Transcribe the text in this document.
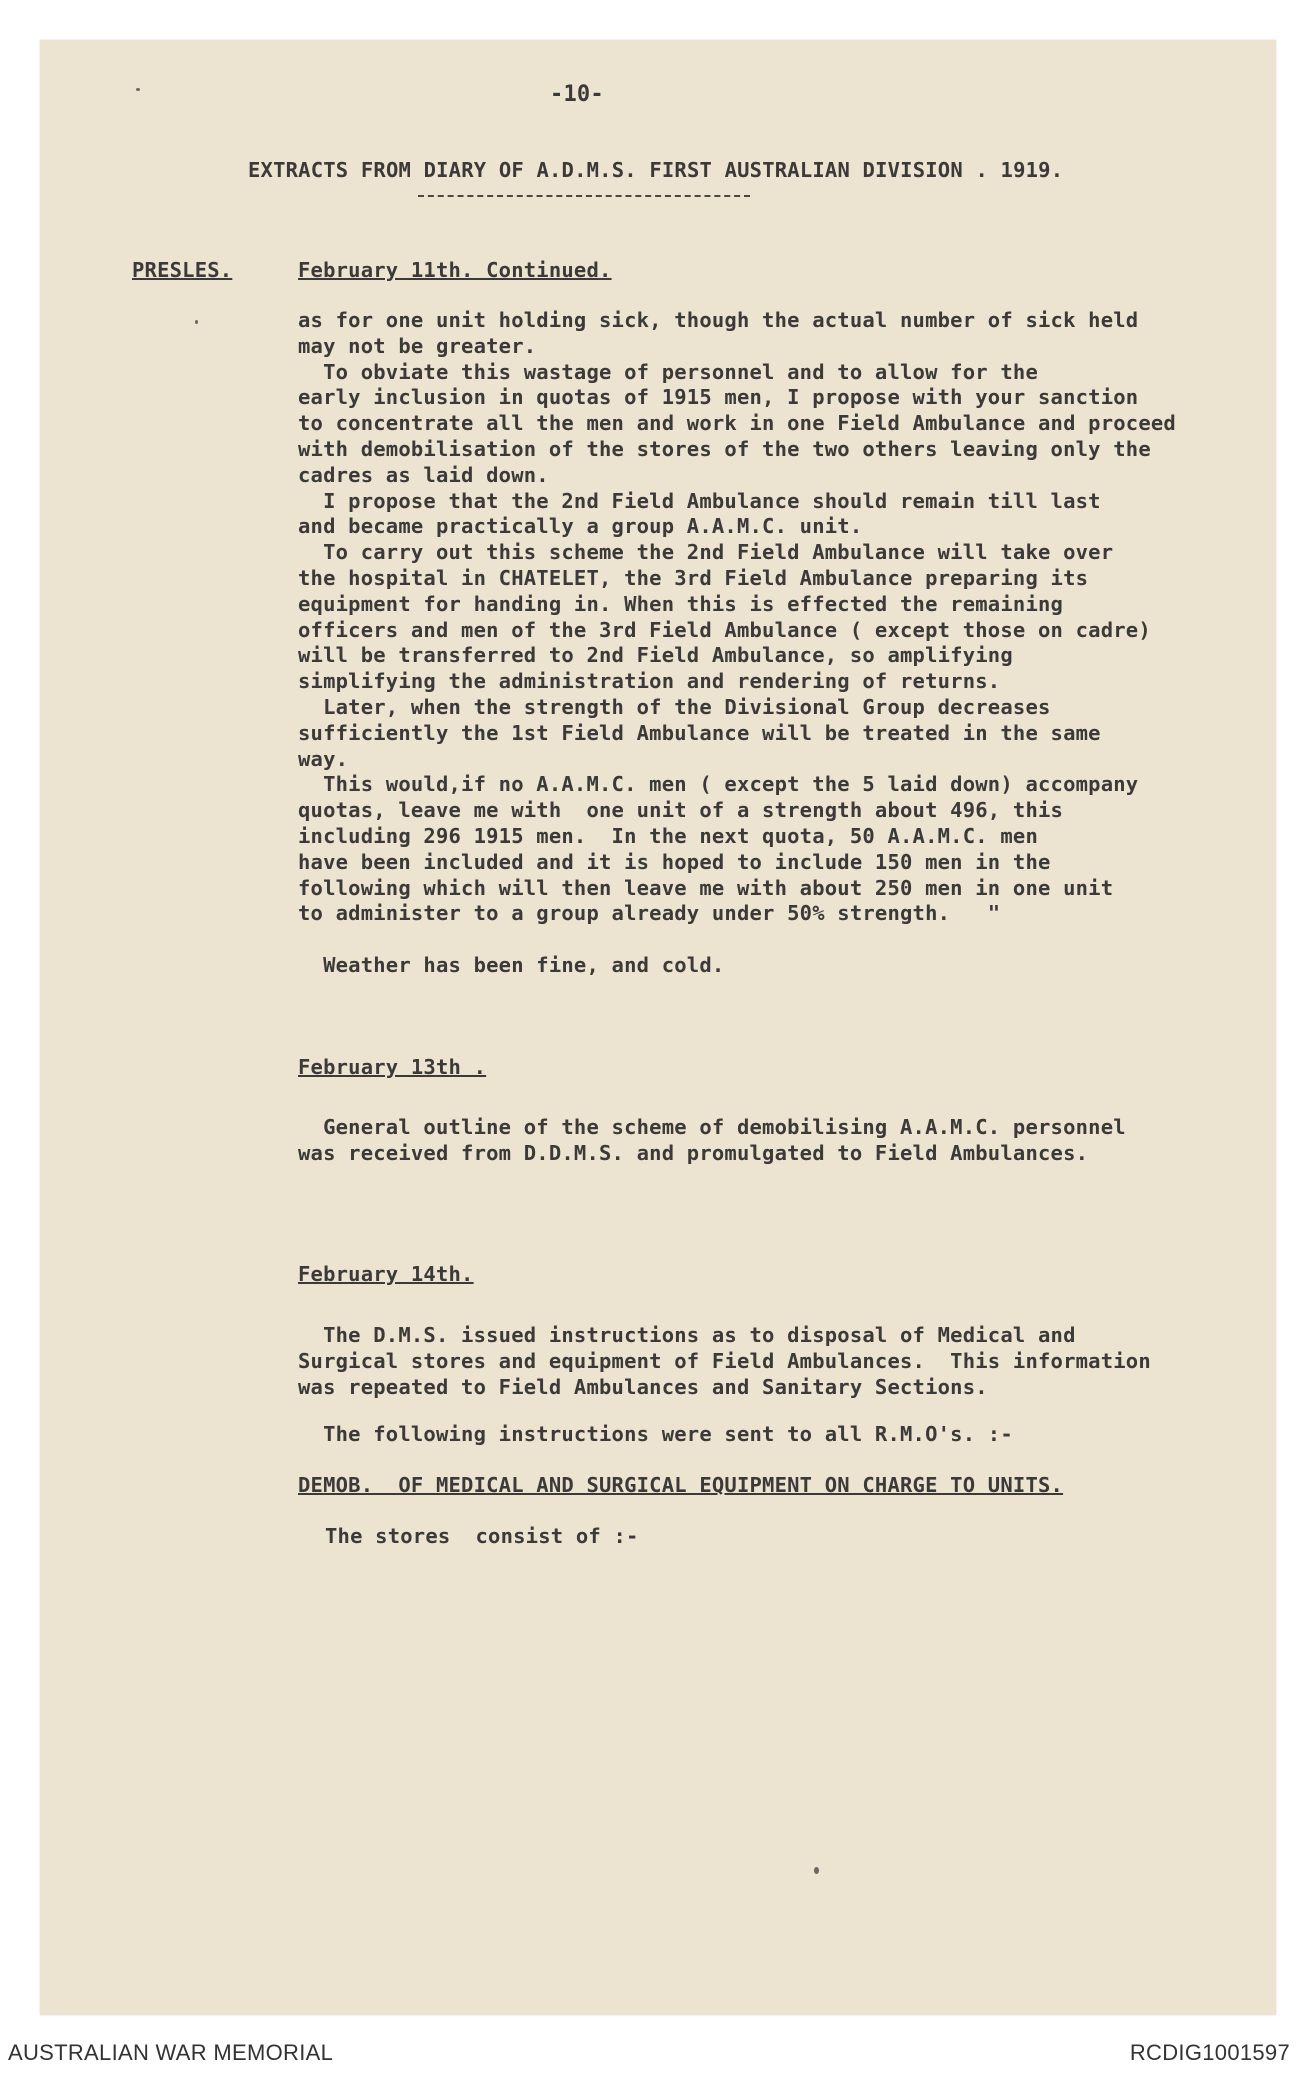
-10-
EXTRACTS FROM DIARY OF A.D.M.S. FIRST AUSTRALIAN DIVISION . 1919.
PRESLES.	February 11th. Continued.
as for one unit holding sick, though the actual number of sick held
may not be greater.
To obviate this wastage of personnel and to allow for the
early inclusion in quotas of 1915 men, I propose with your sanction
to concentrate all the men and work in one Field Ambulance and proceed
with demobilisation of the stores of the two others leaving only the
cadres as laid down.
I propose that the 2nd Field Ambulance should remain till last
and became practically a group A.A.M.C. unit.
To carry out this scheme the 2nd Field Ambulance will take over
the hospital in CHATELET, the 3rd Field Ambulance preparing its
equipment for handing in. When this is effected the remaining
officers and men of the 3rd Field Ambulance ( except those on cadre)
will be transferred to 2nd Field Ambulance, so amplifying
simplifying the administration and rendering of returns.
Later, when the strength of the Divisional Group decreases
sufficiently the 1st Field Ambulance will be treated in the same
way.
This would,if no A.A.M.C. men ( except the 5 laid down) accompany
quotas, leave me with  one unit of a strength about 496, this
including 296 1915 men.  In the next quota, 50 A.A.M.C. men
have been included and it is hoped to include 150 men in the
following which will then leave me with about 250 men in one unit
to administer to a group already under 50% strength.   "
Weather has been fine, and cold.
February 13th .
General outline of the scheme of demobilising A.A.M.C. personnel
was received from D.D.M.S. and promulgated to Field Ambulances.
February 14th.
The D.M.S. issued instructions as to disposal of Medical and
Surgical stores and equipment of Field Ambulances.  This information
was repeated to Field Ambulances and Sanitary Sections.
The following instructions were sent to all R.M.O's. :-
DEMOB.  OF MEDICAL AND SURGICAL EQUIPMENT ON CHARGE TO UNITS.
The stores  consist of :-
AUSTRALIAN WAR MEMORIAL	RCDIG1001597
